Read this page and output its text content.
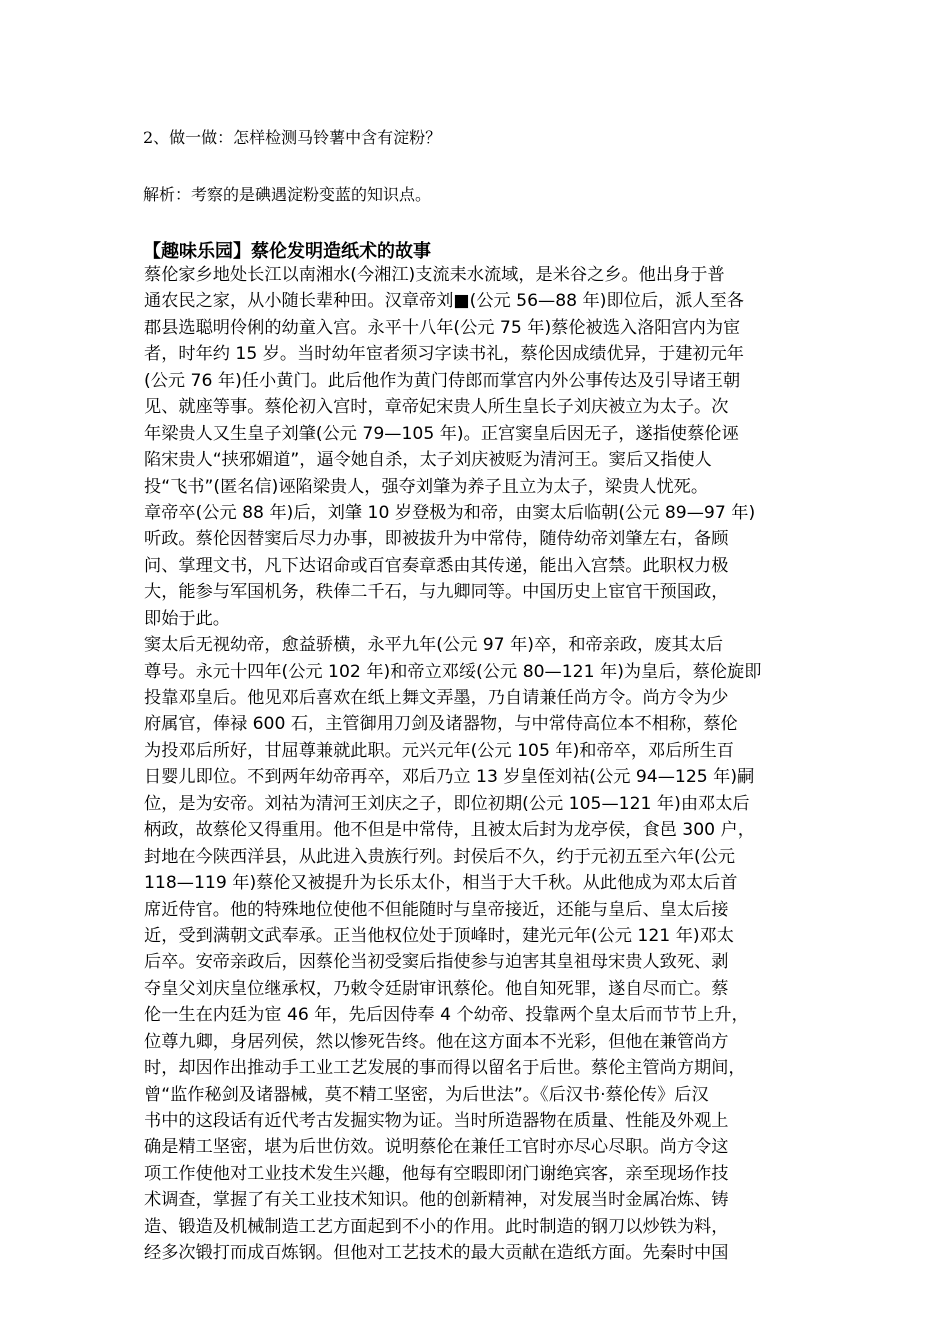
2、做一做：怎样检测马铃薯中含有淀粉？
解析：考察的是碘遇淀粉变蓝的知识点。
【趣味乐园】蔡伦发明造纸术的故事
蔡伦家乡地处长江以南湘水(今湘江)支流耒水流域，是米谷之乡。他出身于普
通农民之家，从小随长辈种田。汉章帝刘■(公元 56—88 年)即位后，派人至各
郡县选聪明伶俐的幼童入宫。永平十八年(公元 75 年)蔡伦被选入洛阳宫内为宦
者，时年约 15 岁。当时幼年宦者须习字读书礼，蔡伦因成绩优异，于建初元年
(公元 76 年)任小黄门。此后他作为黄门侍郎而掌宫内外公事传达及引导诸王朝
见、就座等事。蔡伦初入宫时，章帝妃宋贵人所生皇长子刘庆被立为太子。次
年梁贵人又生皇子刘肇(公元 79—105 年)。正宫窦皇后因无子，遂指使蔡伦诬
陷宋贵人“挟邪媚道”，逼令她自杀，太子刘庆被贬为清河王。窦后又指使人
投“飞书”(匿名信)诬陷梁贵人，强夺刘肇为养子且立为太子，梁贵人忧死。
章帝卒(公元 88 年)后，刘肇 10 岁登极为和帝，由窦太后临朝(公元 89—97 年)
听政。蔡伦因替窦后尽力办事，即被拔升为中常侍，随侍幼帝刘肇左右，备顾
问、掌理文书，凡下达诏命或百官奏章悉由其传递，能出入宫禁。此职权力极
大，能参与军国机务，秩俸二千石，与九卿同等。中国历史上宦官干预国政，
即始于此。
窦太后无视幼帝，愈益骄横，永平九年(公元 97 年)卒，和帝亲政，废其太后
尊号。永元十四年(公元 102 年)和帝立邓绥(公元 80—121 年)为皇后，蔡伦旋即
投靠邓皇后。他见邓后喜欢在纸上舞文弄墨，乃自请兼任尚方令。尚方令为少
府属官，俸禄 600 石，主管御用刀剑及诸器物，与中常侍高位本不相称，蔡伦
为投邓后所好，甘屈尊兼就此职。元兴元年(公元 105 年)和帝卒，邓后所生百
日婴儿即位。不到两年幼帝再卒，邓后乃立 13 岁皇侄刘祜(公元 94—125 年)嗣
位，是为安帝。刘祜为清河王刘庆之子，即位初期(公元 105—121 年)由邓太后
柄政，故蔡伦又得重用。他不但是中常侍，且被太后封为龙亭侯，食邑 300 户，
封地在今陕西洋县，从此进入贵族行列。封侯后不久，约于元初五至六年(公元
118—119 年)蔡伦又被提升为长乐太仆，相当于大千秋。从此他成为邓太后首
席近侍官。他的特殊地位使他不但能随时与皇帝接近，还能与皇后、皇太后接
近，受到满朝文武奉承。正当他权位处于顶峰时，建光元年(公元 121 年)邓太
后卒。安帝亲政后，因蔡伦当初受窦后指使参与迫害其皇祖母宋贵人致死、剥
夺皇父刘庆皇位继承权，乃敕令廷尉审讯蔡伦。他自知死罪，遂自尽而亡。蔡
伦一生在内廷为宦 46 年，先后因侍奉 4 个幼帝、投靠两个皇太后而节节上升，
位尊九卿，身居列侯，然以惨死告终。他在这方面本不光彩，但他在兼管尚方
时，却因作出推动手工业工艺发展的事而得以留名于后世。蔡伦主管尚方期间，
曾“监作秘剑及诸器械，莫不精工坚密，为后世法”。《后汉书·蔡伦传》后汉
书中的这段话有近代考古发掘实物为证。当时所造器物在质量、性能及外观上
确是精工坚密，堪为后世仿效。说明蔡伦在兼任工官时亦尽心尽职。尚方令这
项工作使他对工业技术发生兴趣，他每有空暇即闭门谢绝宾客，亲至现场作技
术调查，掌握了有关工业技术知识。他的创新精神，对发展当时金属冶炼、铸
造、锻造及机械制造工艺方面起到不小的作用。此时制造的钢刀以炒铁为料，
经多次锻打而成百炼钢。但他对工艺技术的最大贡献在造纸方面。先秦时中国
